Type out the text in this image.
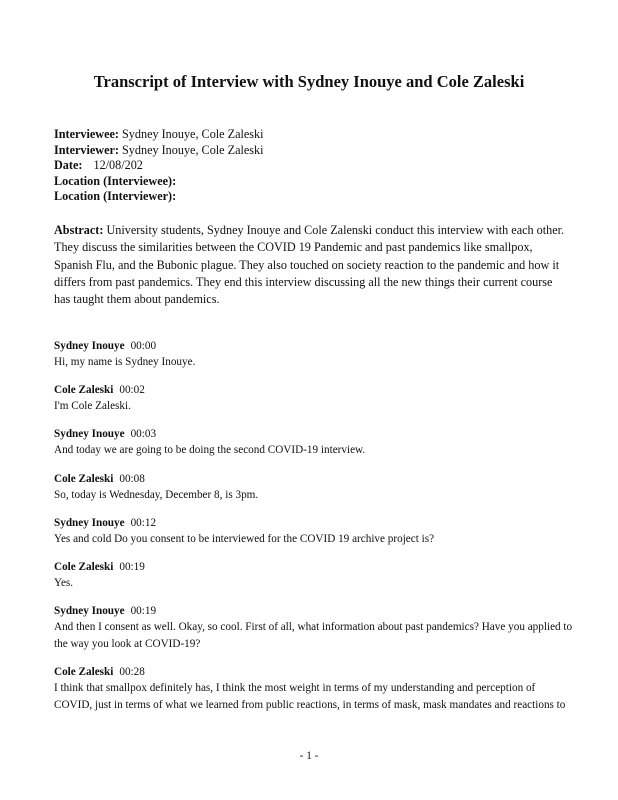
Transcript of Interview with Sydney Inouye and Cole Zaleski
Interviewee: Sydney Inouye, Cole Zaleski
Interviewer: Sydney Inouye, Cole Zaleski
Date: 12/08/202
Location (Interviewee):
Location (Interviewer):
Abstract: University students, Sydney Inouye and Cole Zalenski conduct this interview with each other. They discuss the similarities between the COVID 19 Pandemic and past pandemics like smallpox, Spanish Flu, and the Bubonic plague. They also touched on society reaction to the pandemic and how it differs from past pandemics. They end this interview discussing all the new things their current course has taught them about pandemics.
Sydney Inouye 00:00
Hi, my name is Sydney Inouye.
Cole Zaleski 00:02
I'm Cole Zaleski.
Sydney Inouye 00:03
And today we are going to be doing the second COVID-19 interview.
Cole Zaleski 00:08
So, today is Wednesday, December 8, is 3pm.
Sydney Inouye 00:12
Yes and cold Do you consent to be interviewed for the COVID 19 archive project is?
Cole Zaleski 00:19
Yes.
Sydney Inouye 00:19
And then I consent as well. Okay, so cool. First of all, what information about past pandemics? Have you applied to the way you look at COVID-19?
Cole Zaleski 00:28
I think that smallpox definitely has, I think the most weight in terms of my understanding and perception of COVID, just in terms of what we learned from public reactions, in terms of mask, mask mandates and reactions to
- 1 -
